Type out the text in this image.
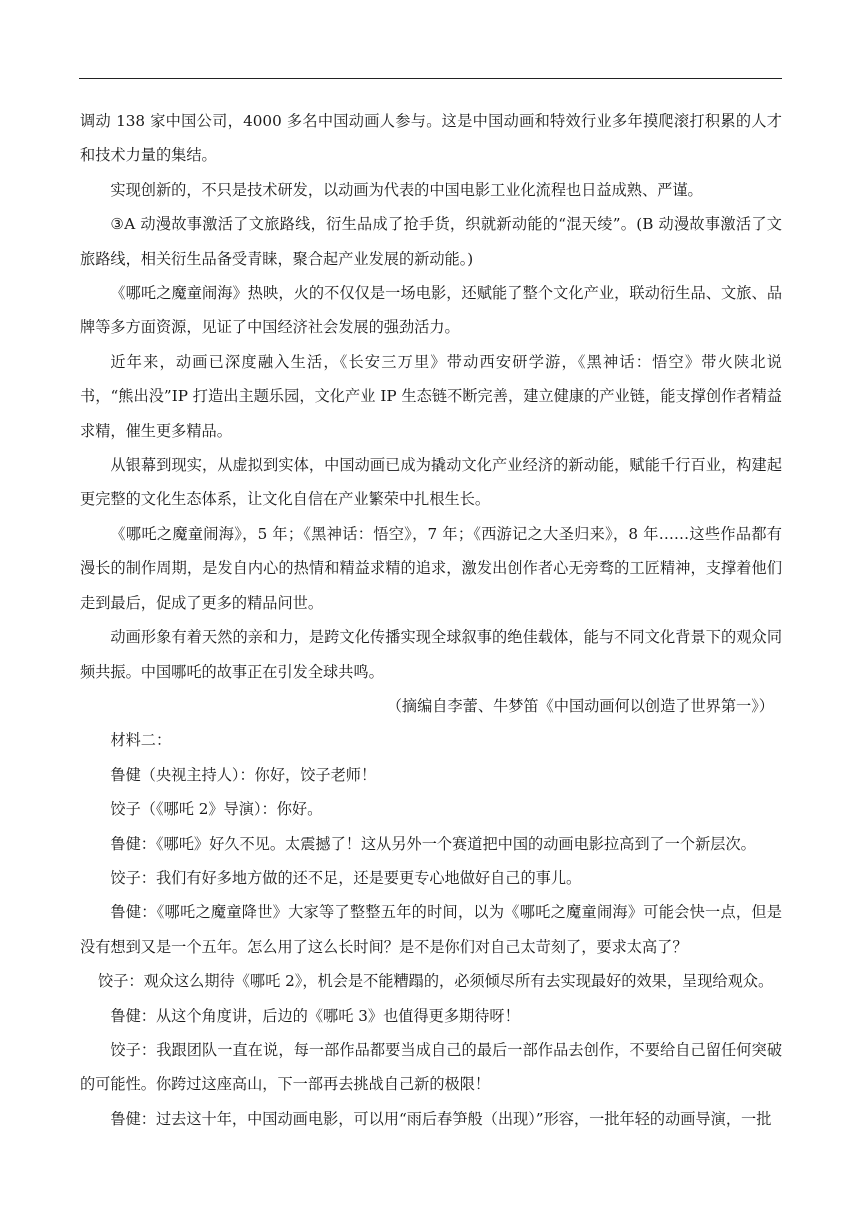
调动 138 家中国公司，4000 多名中国动画人参与。这是中国动画和特效行业多年摸爬滚打积累的人才和技术力量的集结。

实现创新的，不只是技术研发，以动画为代表的中国电影工业化流程也日益成熟、严谨。

③A 动漫故事激活了文旅路线，衍生品成了抢手货，织就新动能的“混天绫”。(B 动漫故事激活了文旅路线，相关衍生品备受青睐，聚合起产业发展的新动能。)

《哪吒之魔童闹海》热映，火的不仅仅是一场电影，还赋能了整个文化产业，联动衍生品、文旅、品牌等多方面资源，见证了中国经济社会发展的强劲活力。

近年来，动画已深度融入生活，《长安三万里》带动西安研学游，《黑神话：悟空》带火陕北说书，“熊出没”IP 打造出主题乐园，文化产业 IP 生态链不断完善，建立健康的产业链，能支撑创作者精益求精，催生更多精品。

从银幕到现实，从虚拟到实体，中国动画已成为撬动文化产业经济的新动能，赋能千行百业，构建起更完整的文化生态体系，让文化自信在产业繁荣中扎根生长。

《哪吒之魔童闹海》，5 年；《黑神话：悟空》，7 年；《西游记之大圣归来》，8 年……这些作品都有漫长的制作周期，是发自内心的热情和精益求精的追求，激发出创作者心无旁骛的工匠精神，支撑着他们走到最后，促成了更多的精品问世。

动画形象有着天然的亲和力，是跨文化传播实现全球叙事的绝佳载体，能与不同文化背景下的观众同频共振。中国哪吒的故事正在引发全球共鸣。

（摘编自李蕾、牛梦笛《中国动画何以创造了世界第一》）

材料二：

鲁健（央视主持人）：你好，饺子老师！

饺子（《哪吒 2》导演）：你好。

鲁健：《哪吒》好久不见。太震撼了！这从另外一个赛道把中国的动画电影拉高到了一个新层次。

饺子：我们有好多地方做的还不足，还是要更专心地做好自己的事儿。

鲁健：《哪吒之魔童降世》大家等了整整五年的时间，以为《哪吒之魔童闹海》可能会快一点，但是没有想到又是一个五年。怎么用了这么长时间？是不是你们对自己太苛刻了，要求太高了？

饺子：观众这么期待《哪吒 2》，机会是不能糟蹋的，必须倾尽所有去实现最好的效果，呈现给观众。

鲁健：从这个角度讲，后边的《哪吒 3》也值得更多期待呀！

饺子：我跟团队一直在说，每一部作品都要当成自己的最后一部作品去创作，不要给自己留任何突破的可能性。你跨过这座高山，下一部再去挑战自己新的极限！

鲁健：过去这十年，中国动画电影，可以用“雨后春笋般（出现）”形容，一批年轻的动画导演，一批
